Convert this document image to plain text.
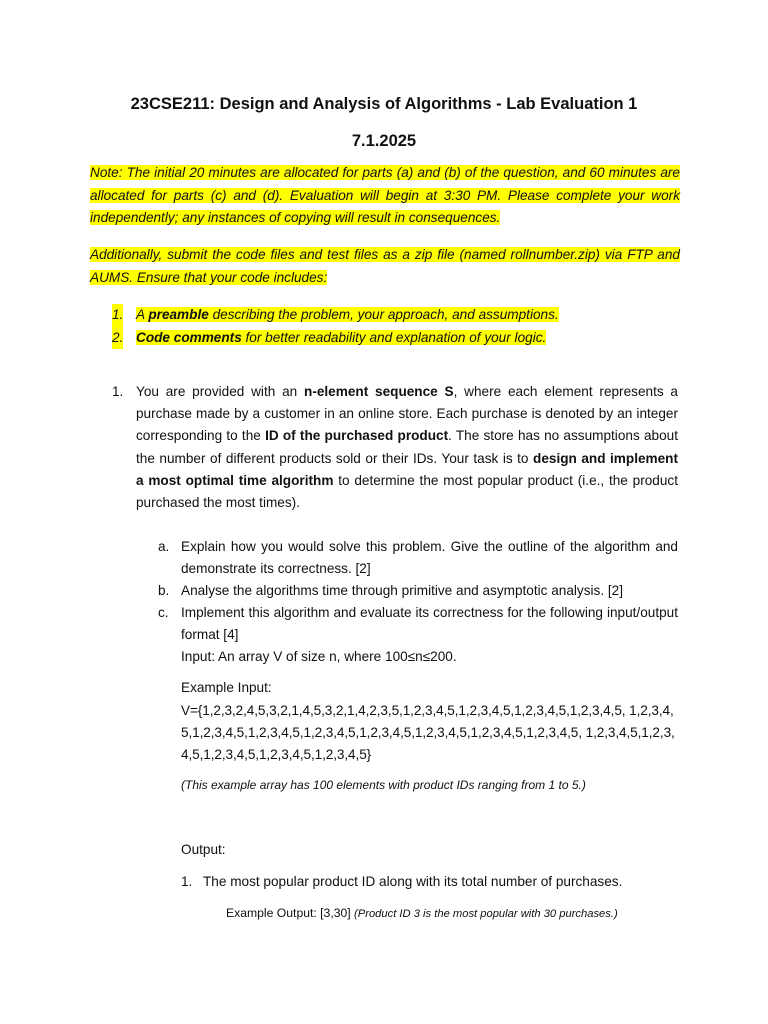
23CSE211: Design and Analysis of Algorithms - Lab Evaluation 1
7.1.2025
Note: The initial 20 minutes are allocated for parts (a) and (b) of the question, and 60 minutes are allocated for parts (c) and (d). Evaluation will begin at 3:30 PM. Please complete your work independently; any instances of copying will result in consequences.
Additionally, submit the code files and test files as a zip file (named rollnumber.zip) via FTP and AUMS. Ensure that your code includes:
1. A preamble describing the problem, your approach, and assumptions.
2. Code comments for better readability and explanation of your logic.
1. You are provided with an n-element sequence S, where each element represents a purchase made by a customer in an online store. Each purchase is denoted by an integer corresponding to the ID of the purchased product. The store has no assumptions about the number of different products sold or their IDs. Your task is to design and implement a most optimal time algorithm to determine the most popular product (i.e., the product purchased the most times).
a. Explain how you would solve this problem. Give the outline of the algorithm and demonstrate its correctness. [2]
b. Analyse the algorithms time through primitive and asymptotic analysis. [2]
c. Implement this algorithm and evaluate its correctness for the following input/output format [4]
Input: An array V of size n, where 100≤n≤200.
Example Input:
V={1,2,3,2,4,5,3,2,1,4,5,3,2,1,4,2,3,5,1,2,3,4,5,1,2,3,4,5,1,2,3,4,5,1,2,3,4,5, 1,2,3,4,5,1,2,3,4,5,1,2,3,4,5,1,2,3,4,5,1,2,3,4,5,1,2,3,4,5,1,2,3,4,5,1,2,3,4,5, 1,2,3,4,5,1,2,3,4,5,1,2,3,4,5,1,2,3,4,5,1,2,3,4,5}
(This example array has 100 elements with product IDs ranging from 1 to 5.)
Output:
1. The most popular product ID along with its total number of purchases.
Example Output: [3,30] (Product ID 3 is the most popular with 30 purchases.)
